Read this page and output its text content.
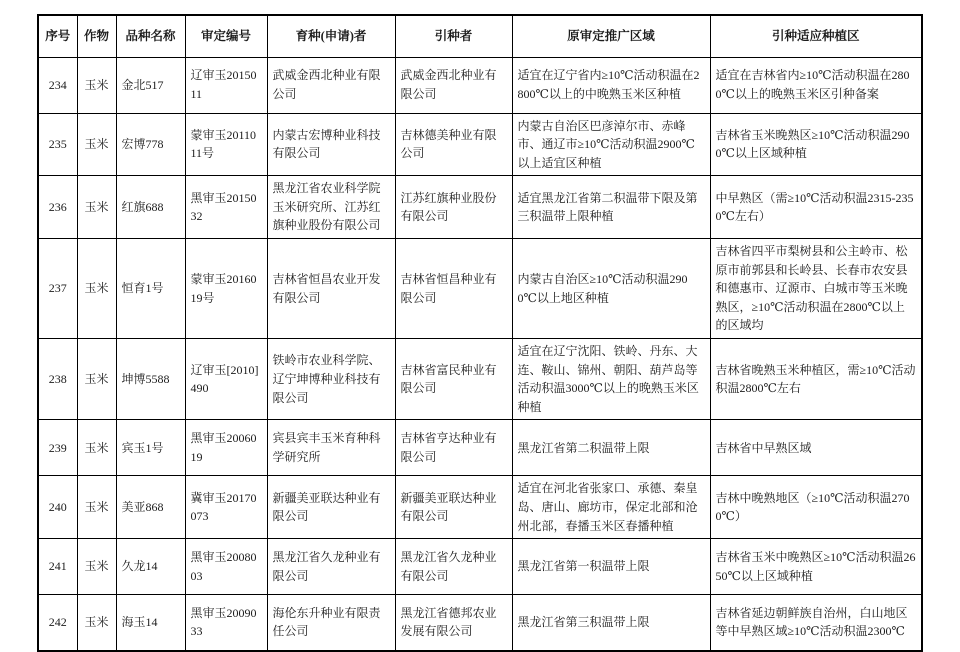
序号	作物	品种名称	审定编号	育种(申请)者	引种者	原审定推广区域	引种适应种植区
234	玉米	金北517	辽审玉2015011	武威金西北种业有限公司	武威金西北种业有限公司	适宜在辽宁省内≥10℃活动积温在2800℃以上的中晚熟玉米区种植	适宜在吉林省内≥10℃活动积温在2800℃以上的晚熟玉米区引种备案
235	玉米	宏博778	蒙审玉2011011号	内蒙古宏博种业科技有限公司	吉林德美种业有限公司	内蒙古自治区巴彦淖尔市、赤峰市、通辽市≥10℃活动积温2900℃以上适宜区种植	吉林省玉米晚熟区≥10℃活动积温2900℃以上区域种植
236	玉米	红旗688	黑审玉2015032	黑龙江省农业科学院玉米研究所、江苏红旗种业股份有限公司	江苏红旗种业股份有限公司	适宜黑龙江省第二积温带下限及第三积温带上限种植	中早熟区（需≥10℃活动积温2315-2350℃左右）
237	玉米	恒育1号	蒙审玉2016019号	吉林省恒昌农业开发有限公司	吉林省恒昌种业有限公司	内蒙古自治区≥10℃活动积温2900℃以上地区种植	吉林省四平市梨树县和公主岭市、松原市前郭县和长岭县、长春市农安县和德惠市、辽源市、白城市等玉米晚熟区，≥10℃活动积温在2800℃以上的区域均
238	玉米	坤博5588	辽审玉[2010]490	铁岭市农业科学院、辽宁坤博种业科技有限公司	吉林省富民种业有限公司	适宜在辽宁沈阳、铁岭、丹东、大连、鞍山、锦州、朝阳、葫芦岛等活动积温3000℃以上的晚熟玉米区种植	吉林省晚熟玉米种植区，需≥10℃活动积温2800℃左右
239	玉米	宾玉1号	黑审玉2006019	宾县宾丰玉米育种科学研究所	吉林省亨达种业有限公司	黑龙江省第二积温带上限	吉林省中早熟区域
240	玉米	美亚868	冀审玉20170073	新疆美亚联达种业有限公司	新疆美亚联达种业有限公司	适宜在河北省张家口、承德、秦皇岛、唐山、廊坊市，保定北部和沧州北部，春播玉米区春播种植	吉林中晚熟地区（≥10℃活动积温2700℃）
241	玉米	久龙14	黑审玉2008003	黑龙江省久龙种业有限公司	黑龙江省久龙种业有限公司	黑龙江省第一积温带上限	吉林省玉米中晚熟区≥10℃活动积温2650℃以上区域种植
242	玉米	海玉14	黑审玉2009033	海伦东升种业有限责任公司	黑龙江省德邦农业发展有限公司	黑龙江省第三积温带上限	吉林省延边朝鲜族自治州，白山地区等中早熟区域≥10℃活动积温2300℃
